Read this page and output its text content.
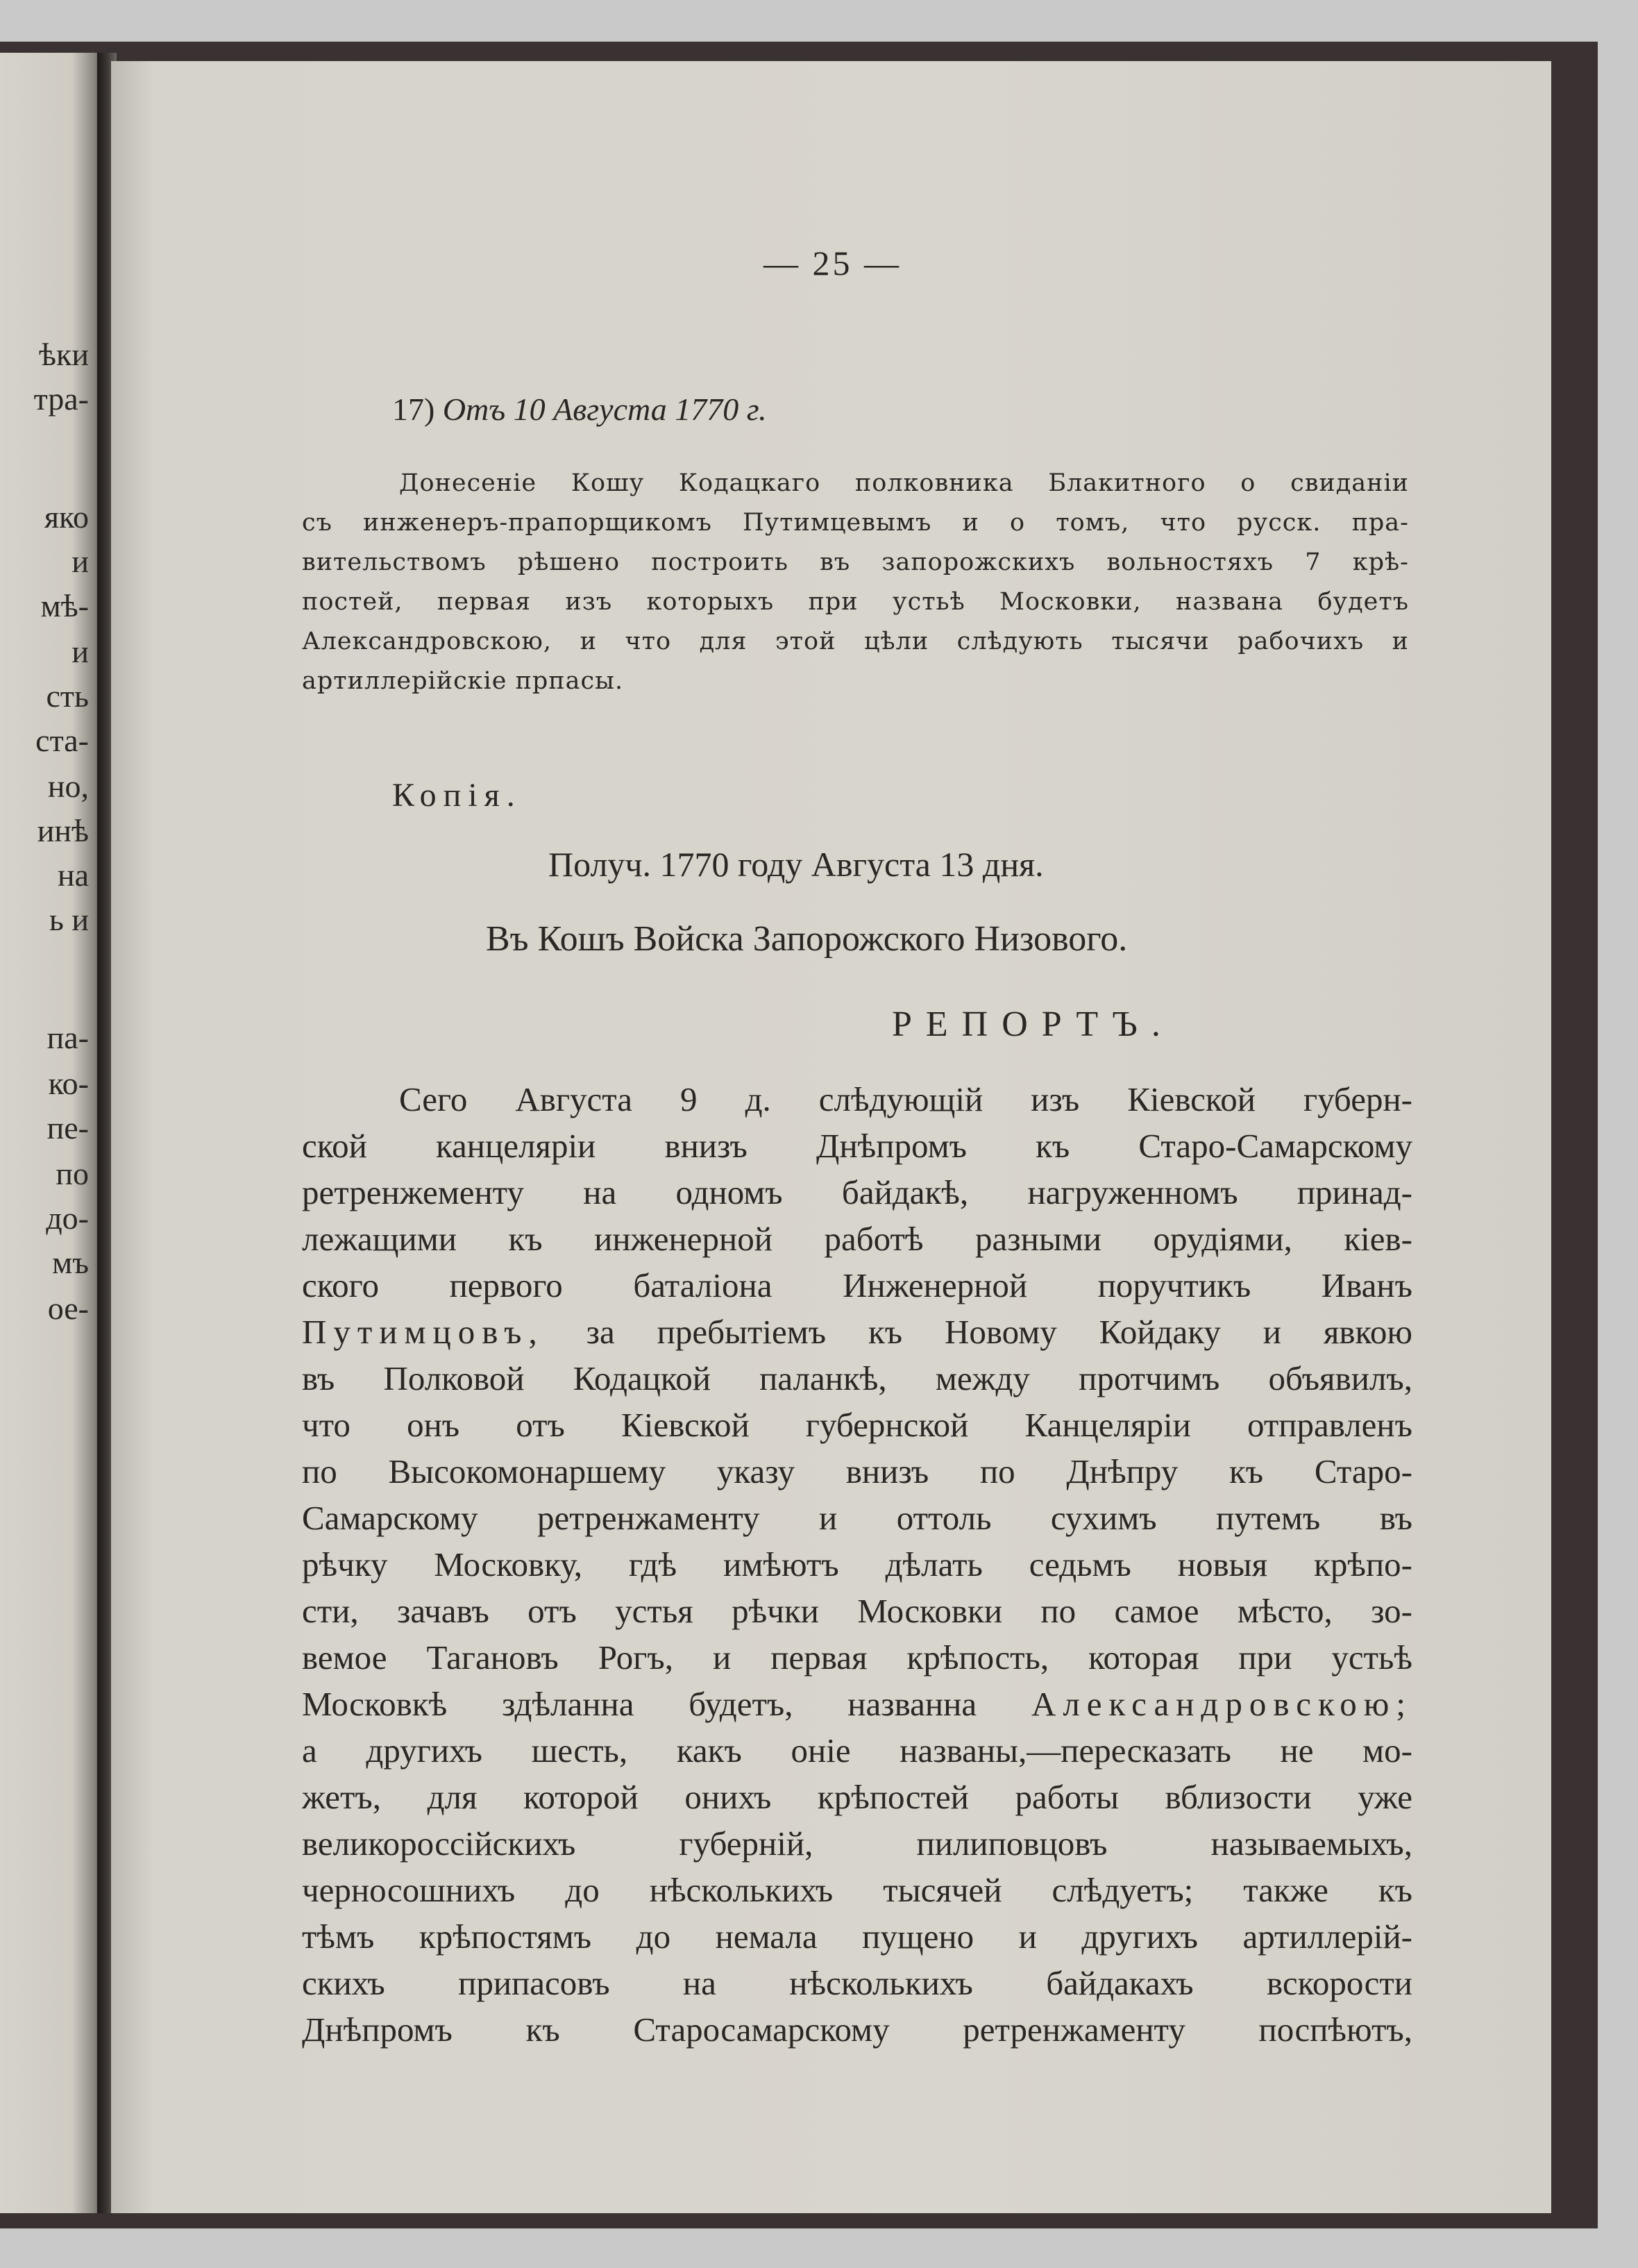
ѣки
тра-
яко
и
мѣ-
и
сть
ста-
но,
инѣ
на
ь и
па-
ко-
пе-
по
до-
мъ
ое-
— 25 —
17) Отъ 10 Августа 1770 г.
Донесеніе Кошу Кодацкаго полковника Блакитного о свиданіи
съ инженеръ-прапорщикомъ Путимцевымъ и о томъ, что русск. пра-
вительствомъ рѣшено построить въ запорожскихъ вольностяхъ 7 крѣ-
постей, первая изъ которыхъ при устьѣ Московки, названа будетъ
Александровскою, и что для этой цѣли слѣдують тысячи рабочихъ и
артиллерійскіе прпасы.
Копія.
Получ. 1770 году Августа 13 дня.
Въ Кошъ Войска Запорожского Низового.
РЕПОРТЪ.
Сего Августа 9 д. слѣдующій изъ Кіевской губерн-
ской канцеляріи внизъ Днѣпромъ къ Старо-Самарскому
ретренжементу на одномъ байдакѣ, нагруженномъ принад-
лежащими къ инженерной работѣ разными орудіями, кiев-
ского первого баталіона Инженерной поручтикъ Иванъ
Путимцовъ, за пребытіемъ къ Новому Койдаку и явкою
въ Полковой Кодацкой паланкѣ, между протчимъ объявилъ,
что онъ отъ Кіевской губернской Канцеляріи отправленъ
по Высокомонаршему указу внизъ по Днѣпру къ Старо-
Самарскому ретренжаменту и оттоль сухимъ путемъ въ
рѣчку Московку, гдѣ имѣютъ дѣлать седьмъ новыя крѣпо-
сти, зачавъ отъ устья рѣчки Московки по самое мѣсто, зо-
вемое Тагановъ Рогъ, и первая крѣпость, которая при устьѣ
Московкѣ здѣланна будетъ, названна Александровскою;
а другихъ шесть, какъ оніе названы,—пересказать не мо-
жетъ, для которой онихъ крѣпостей работы вблизости уже
великороссійскихъ губерній, пилиповцовъ называемыхъ,
черносошнихъ до нѣсколькихъ тысячей слѣдуетъ; также къ
тѣмъ крѣпостямъ до немала пущено и другихъ артиллерій-
скихъ припасовъ на нѣсколькихъ байдакахъ вскорости
Днѣпромъ къ Старосамарскому ретренжаменту поспѣютъ,
